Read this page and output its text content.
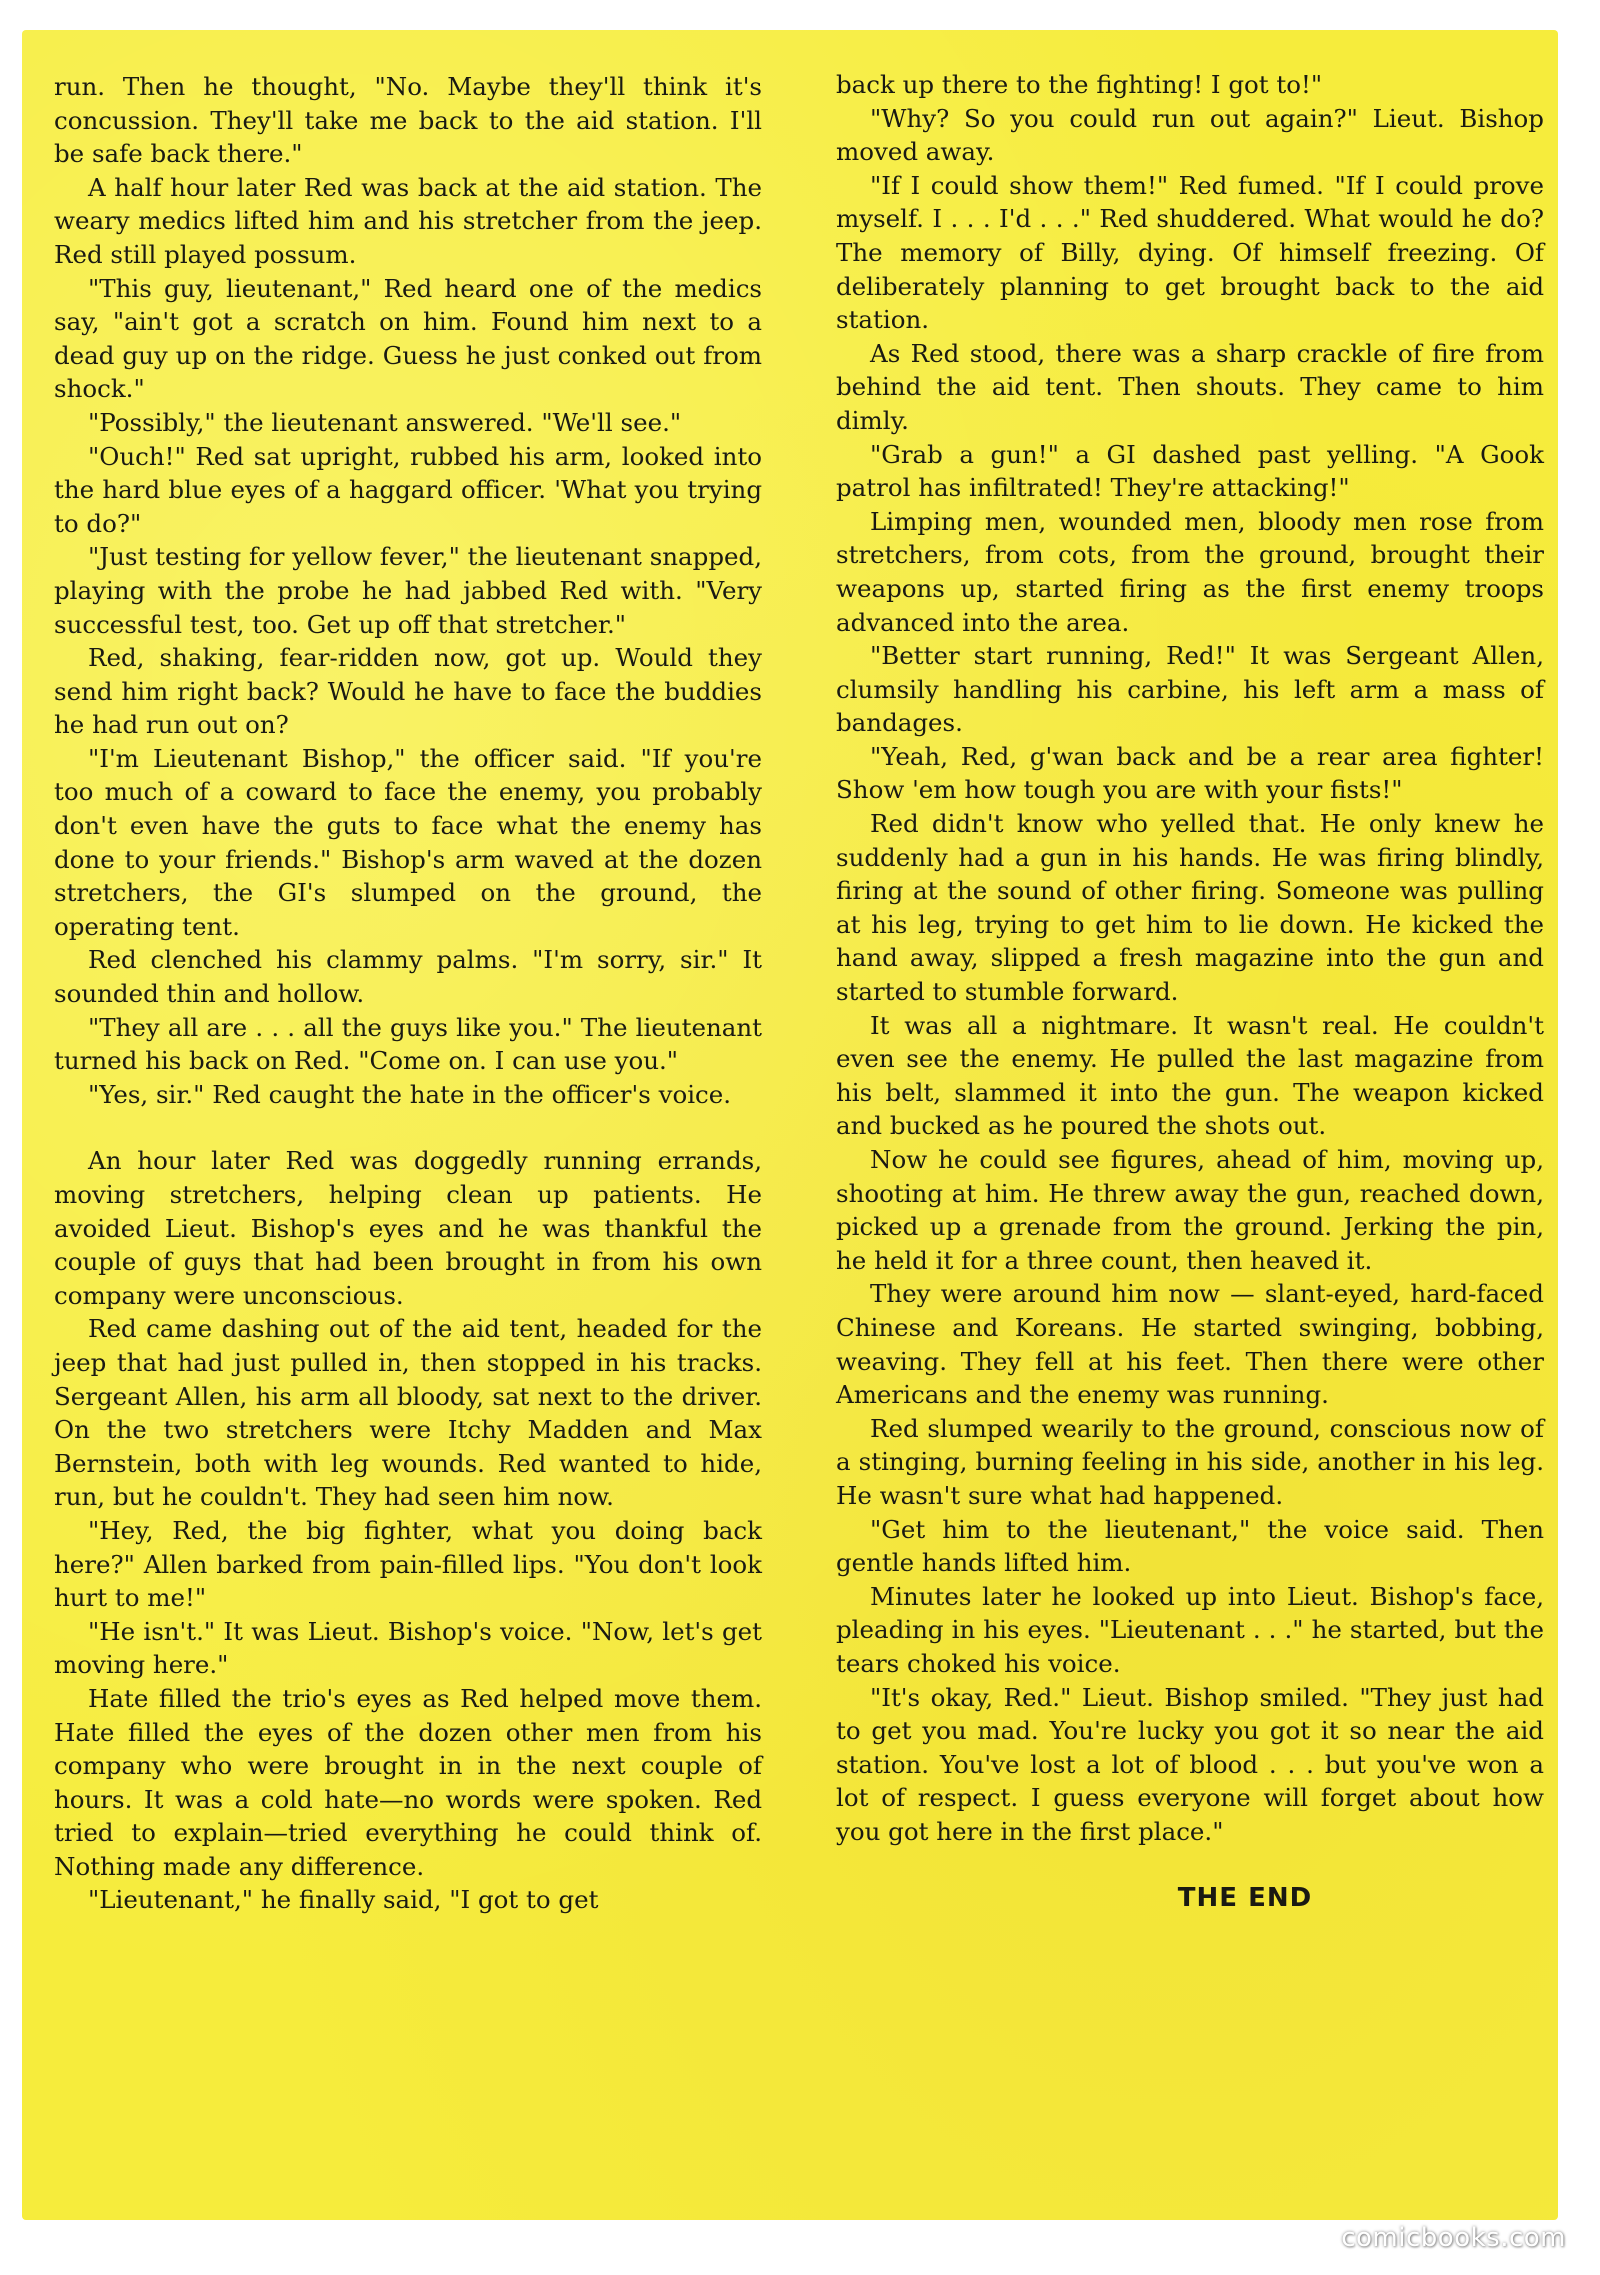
run. Then he thought, "No. Maybe they'll think it's concussion. They'll take me back to the aid station. I'll be safe back there."

A half hour later Red was back at the aid station. The weary medics lifted him and his stretcher from the jeep. Red still played possum.

"This guy, lieutenant," Red heard one of the medics say, "ain't got a scratch on him. Found him next to a dead guy up on the ridge. Guess he just conked out from shock."

"Possibly," the lieutenant answered. "We'll see."

"Ouch!" Red sat upright, rubbed his arm, looked into the hard blue eyes of a haggard officer. 'What you trying to do?"

"Just testing for yellow fever," the lieutenant snapped, playing with the probe he had jabbed Red with. "Very successful test, too. Get up off that stretcher."

Red, shaking, fear-ridden now, got up. Would they send him right back? Would he have to face the buddies he had run out on?

"I'm Lieutenant Bishop," the officer said. "If you're too much of a coward to face the enemy, you probably don't even have the guts to face what the enemy has done to your friends." Bishop's arm waved at the dozen stretchers, the GI's slumped on the ground, the operating tent.

Red clenched his clammy palms. "I'm sorry, sir." It sounded thin and hollow.

"They all are . . . all the guys like you." The lieutenant turned his back on Red. "Come on. I can use you."

"Yes, sir." Red caught the hate in the officer's voice.

An hour later Red was doggedly running errands, moving stretchers, helping clean up patients. He avoided Lieut. Bishop's eyes and he was thankful the couple of guys that had been brought in from his own company were unconscious.

Red came dashing out of the aid tent, headed for the jeep that had just pulled in, then stopped in his tracks. Sergeant Allen, his arm all bloody, sat next to the driver. On the two stretchers were Itchy Madden and Max Bernstein, both with leg wounds. Red wanted to hide, run, but he couldn't. They had seen him now.

"Hey, Red, the big fighter, what you doing back here?" Allen barked from pain-filled lips. "You don't look hurt to me!"

"He isn't." It was Lieut. Bishop's voice. "Now, let's get moving here."

Hate filled the trio's eyes as Red helped move them. Hate filled the eyes of the dozen other men from his company who were brought in in the next couple of hours. It was a cold hate—no words were spoken. Red tried to explain—tried everything he could think of. Nothing made any difference.

"Lieutenant," he finally said, "I got to get

back up there to the fighting! I got to!"

"Why? So you could run out again?" Lieut. Bishop moved away.

"If I could show them!" Red fumed. "If I could prove myself. I . . . I'd . . ." Red shuddered. What would he do? The memory of Billy, dying. Of himself freezing. Of deliberately planning to get brought back to the aid station.

As Red stood, there was a sharp crackle of fire from behind the aid tent. Then shouts. They came to him dimly.

"Grab a gun!" a GI dashed past yelling. "A Gook patrol has infiltrated! They're attacking!"

Limping men, wounded men, bloody men rose from stretchers, from cots, from the ground, brought their weapons up, started firing as the first enemy troops advanced into the area.

"Better start running, Red!" It was Sergeant Allen, clumsily handling his carbine, his left arm a mass of bandages.

"Yeah, Red, g'wan back and be a rear area fighter! Show 'em how tough you are with your fists!"

Red didn't know who yelled that. He only knew he suddenly had a gun in his hands. He was firing blindly, firing at the sound of other firing. Someone was pulling at his leg, trying to get him to lie down. He kicked the hand away, slipped a fresh magazine into the gun and started to stumble forward.

It was all a nightmare. It wasn't real. He couldn't even see the enemy. He pulled the last magazine from his belt, slammed it into the gun. The weapon kicked and bucked as he poured the shots out.

Now he could see figures, ahead of him, moving up, shooting at him. He threw away the gun, reached down, picked up a grenade from the ground. Jerking the pin, he held it for a three count, then heaved it.

They were around him now — slant-eyed, hard-faced Chinese and Koreans. He started swinging, bobbing, weaving. They fell at his feet. Then there were other Americans and the enemy was running.

Red slumped wearily to the ground, conscious now of a stinging, burning feeling in his side, another in his leg. He wasn't sure what had happened.

"Get him to the lieutenant," the voice said. Then gentle hands lifted him.

Minutes later he looked up into Lieut. Bishop's face, pleading in his eyes. "Lieutenant . . ." he started, but the tears choked his voice.

"It's okay, Red." Lieut. Bishop smiled. "They just had to get you mad. You're lucky you got it so near the aid station. You've lost a lot of blood . . . but you've won a lot of respect. I guess everyone will forget about how you got here in the first place."

THE END
comicbooks.com
